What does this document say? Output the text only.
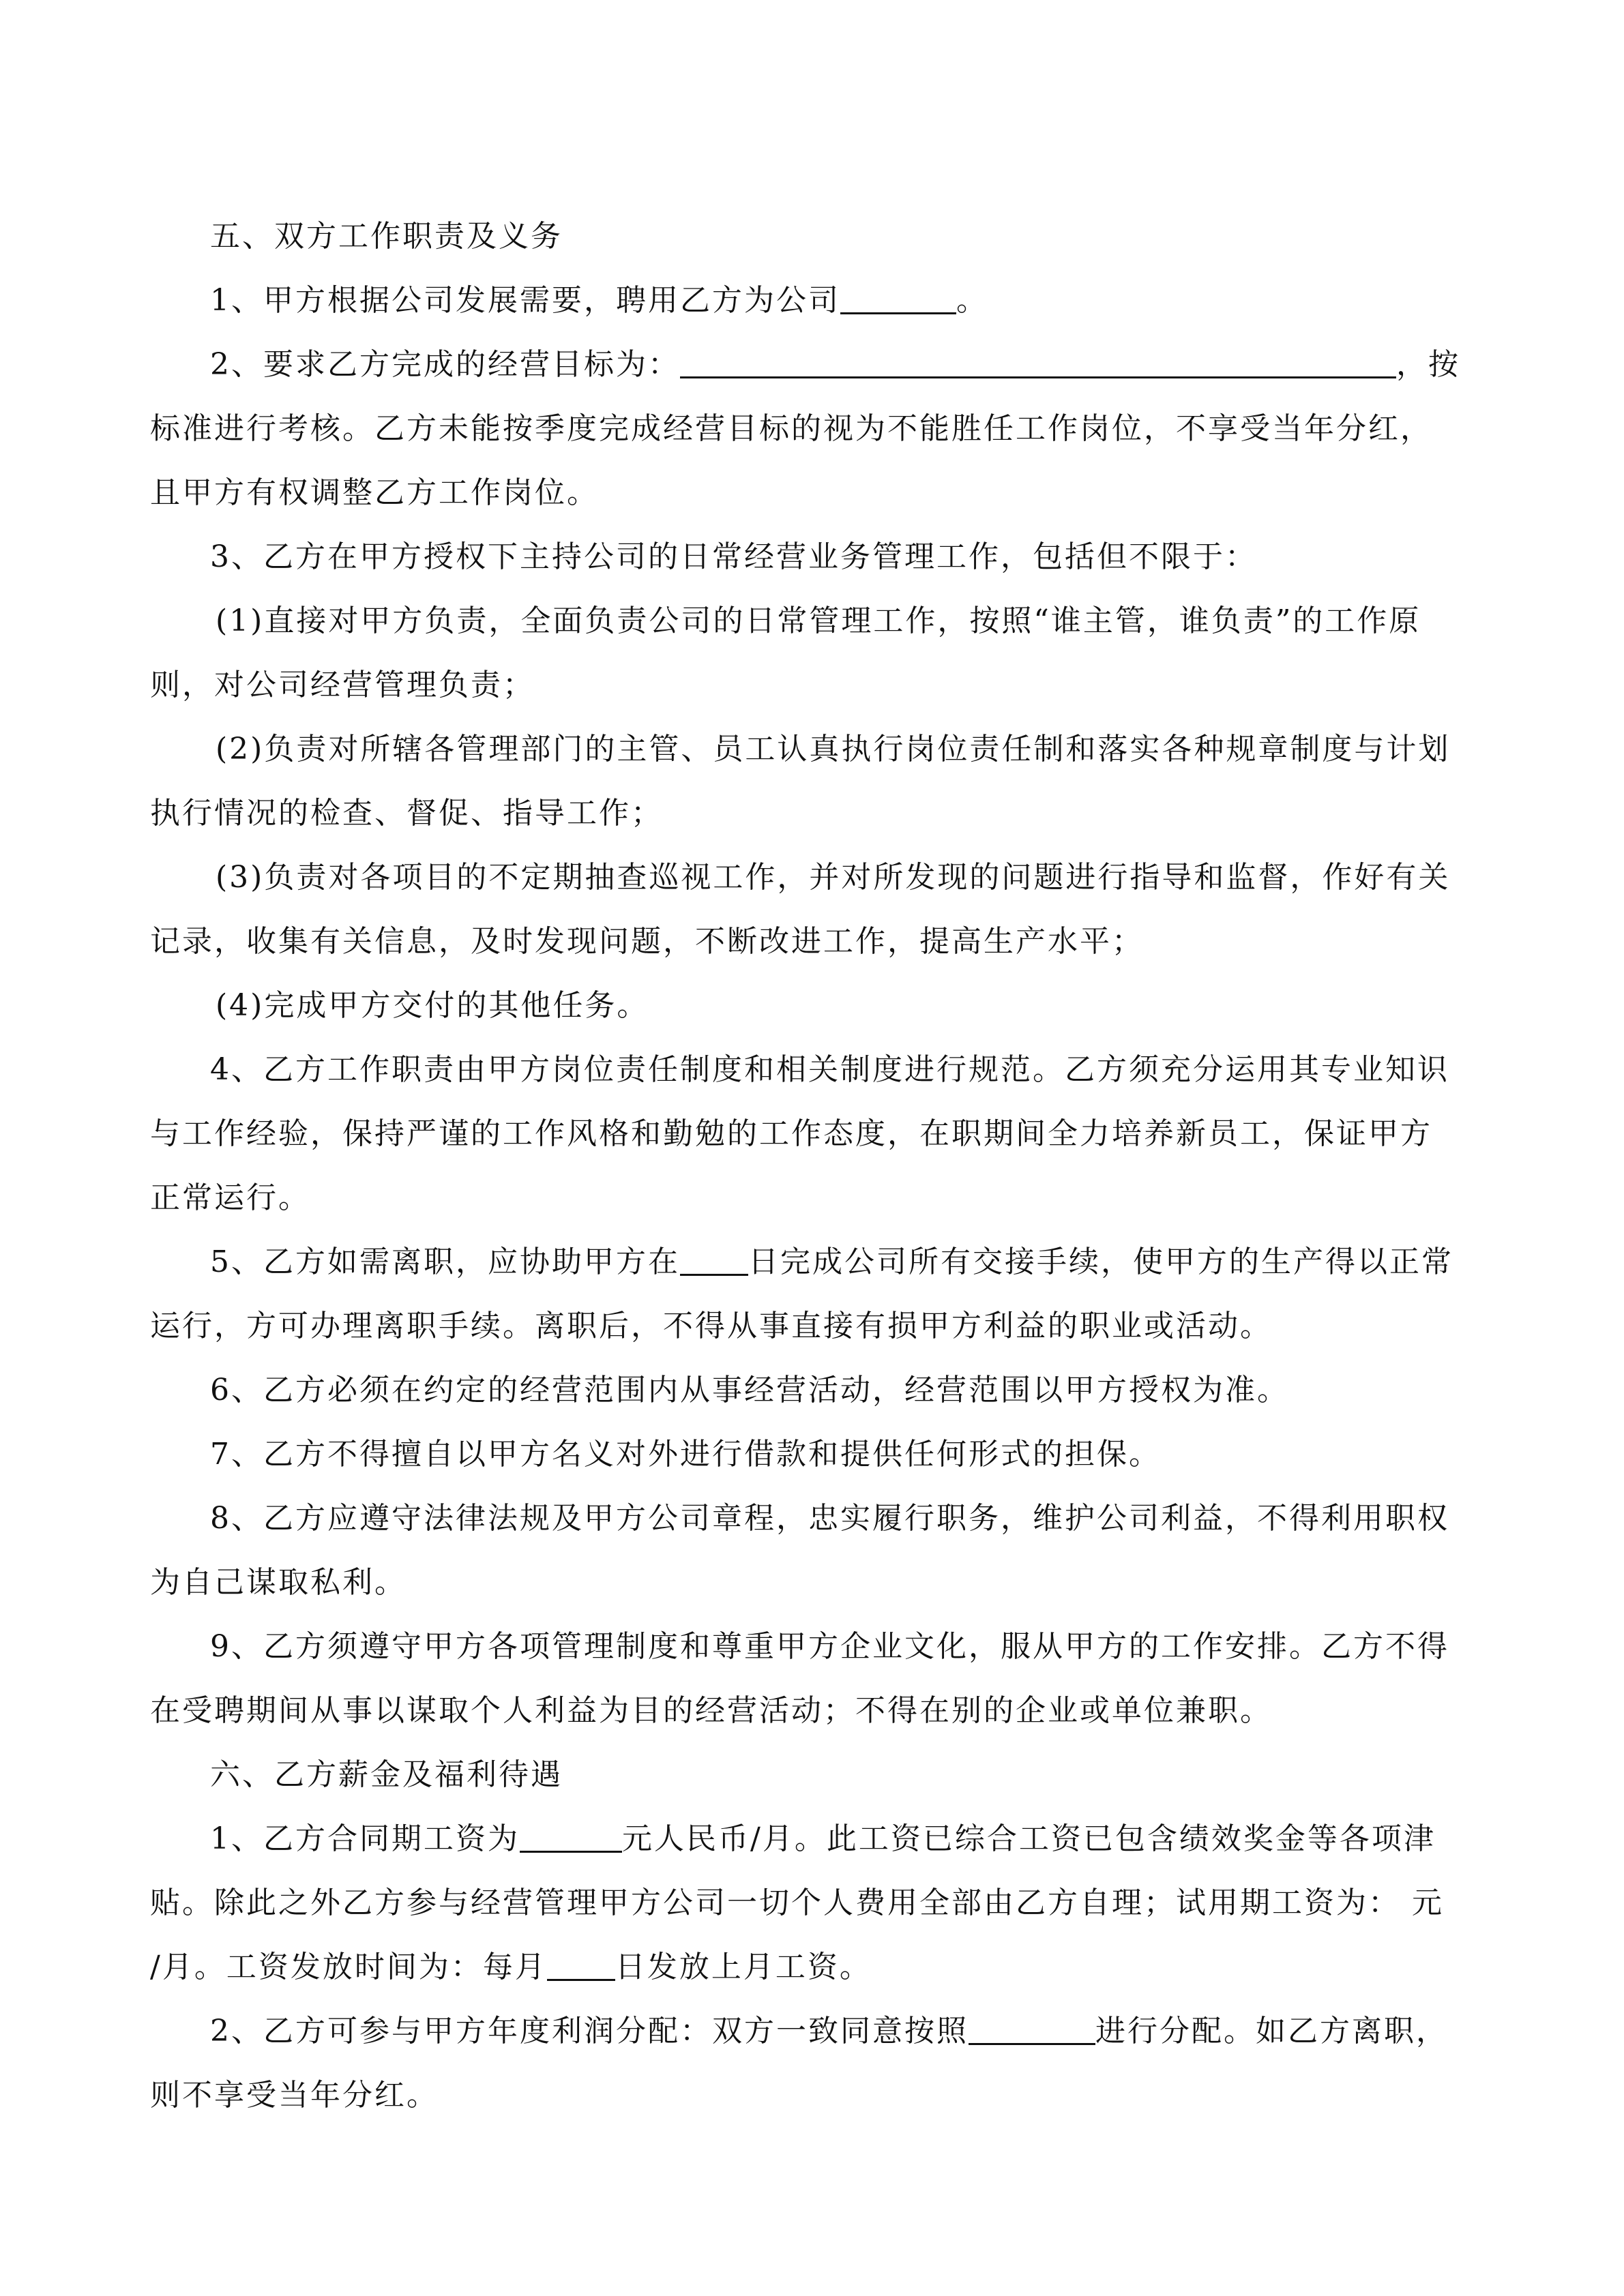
五、双方工作职责及义务
1、甲方根据公司发展需要，聘用乙方为公司	。
2、要求乙方完成的经营目标为：	，按
标准进行考核。乙方未能按季度完成经营目标的视为不能胜任工作岗位，不享受当年分红，
且甲方有权调整乙方工作岗位。
3、乙方在甲方授权下主持公司的日常经营业务管理工作，包括但不限于：
(1)直接对甲方负责，全面负责公司的日常管理工作，按照“谁主管，谁负责”的工作原
则，对公司经营管理负责；
(2)负责对所辖各管理部门的主管、员工认真执行岗位责任制和落实各种规章制度与计划
执行情况的检查、督促、指导工作；
(3)负责对各项目的不定期抽查巡视工作，并对所发现的问题进行指导和监督，作好有关
记录，收集有关信息，及时发现问题，不断改进工作，提高生产水平；
(4)完成甲方交付的其他任务。
4、乙方工作职责由甲方岗位责任制度和相关制度进行规范。乙方须充分运用其专业知识
与工作经验，保持严谨的工作风格和勤勉的工作态度，在职期间全力培养新员工，保证甲方
正常运行。
5、乙方如需离职，应协助甲方在 日完成公司所有交接手续，使甲方的生产得以正常
运行，方可办理离职手续。离职后，不得从事直接有损甲方利益的职业或活动。
6、乙方必须在约定的经营范围内从事经营活动，经营范围以甲方授权为准。
7、乙方不得擅自以甲方名义对外进行借款和提供任何形式的担保。
8、乙方应遵守法律法规及甲方公司章程，忠实履行职务，维护公司利益，不得利用职权
为自己谋取私利。
9、乙方须遵守甲方各项管理制度和尊重甲方企业文化，服从甲方的工作安排。乙方不得
在受聘期间从事以谋取个人利益为目的经营活动；不得在别的企业或单位兼职。
六、乙方薪金及福利待遇
1、乙方合同期工资为	元人民币/月。此工资已综合工资已包含绩效奖金等各项津
贴。除此之外乙方参与经营管理甲方公司一切个人费用全部由乙方自理；试用期工资为： 元
/月。工资发放时间为：每月 日发放上月工资。
2、乙方可参与甲方年度利润分配：双方一致同意按照	进行分配。如乙方离职，
则不享受当年分红。
